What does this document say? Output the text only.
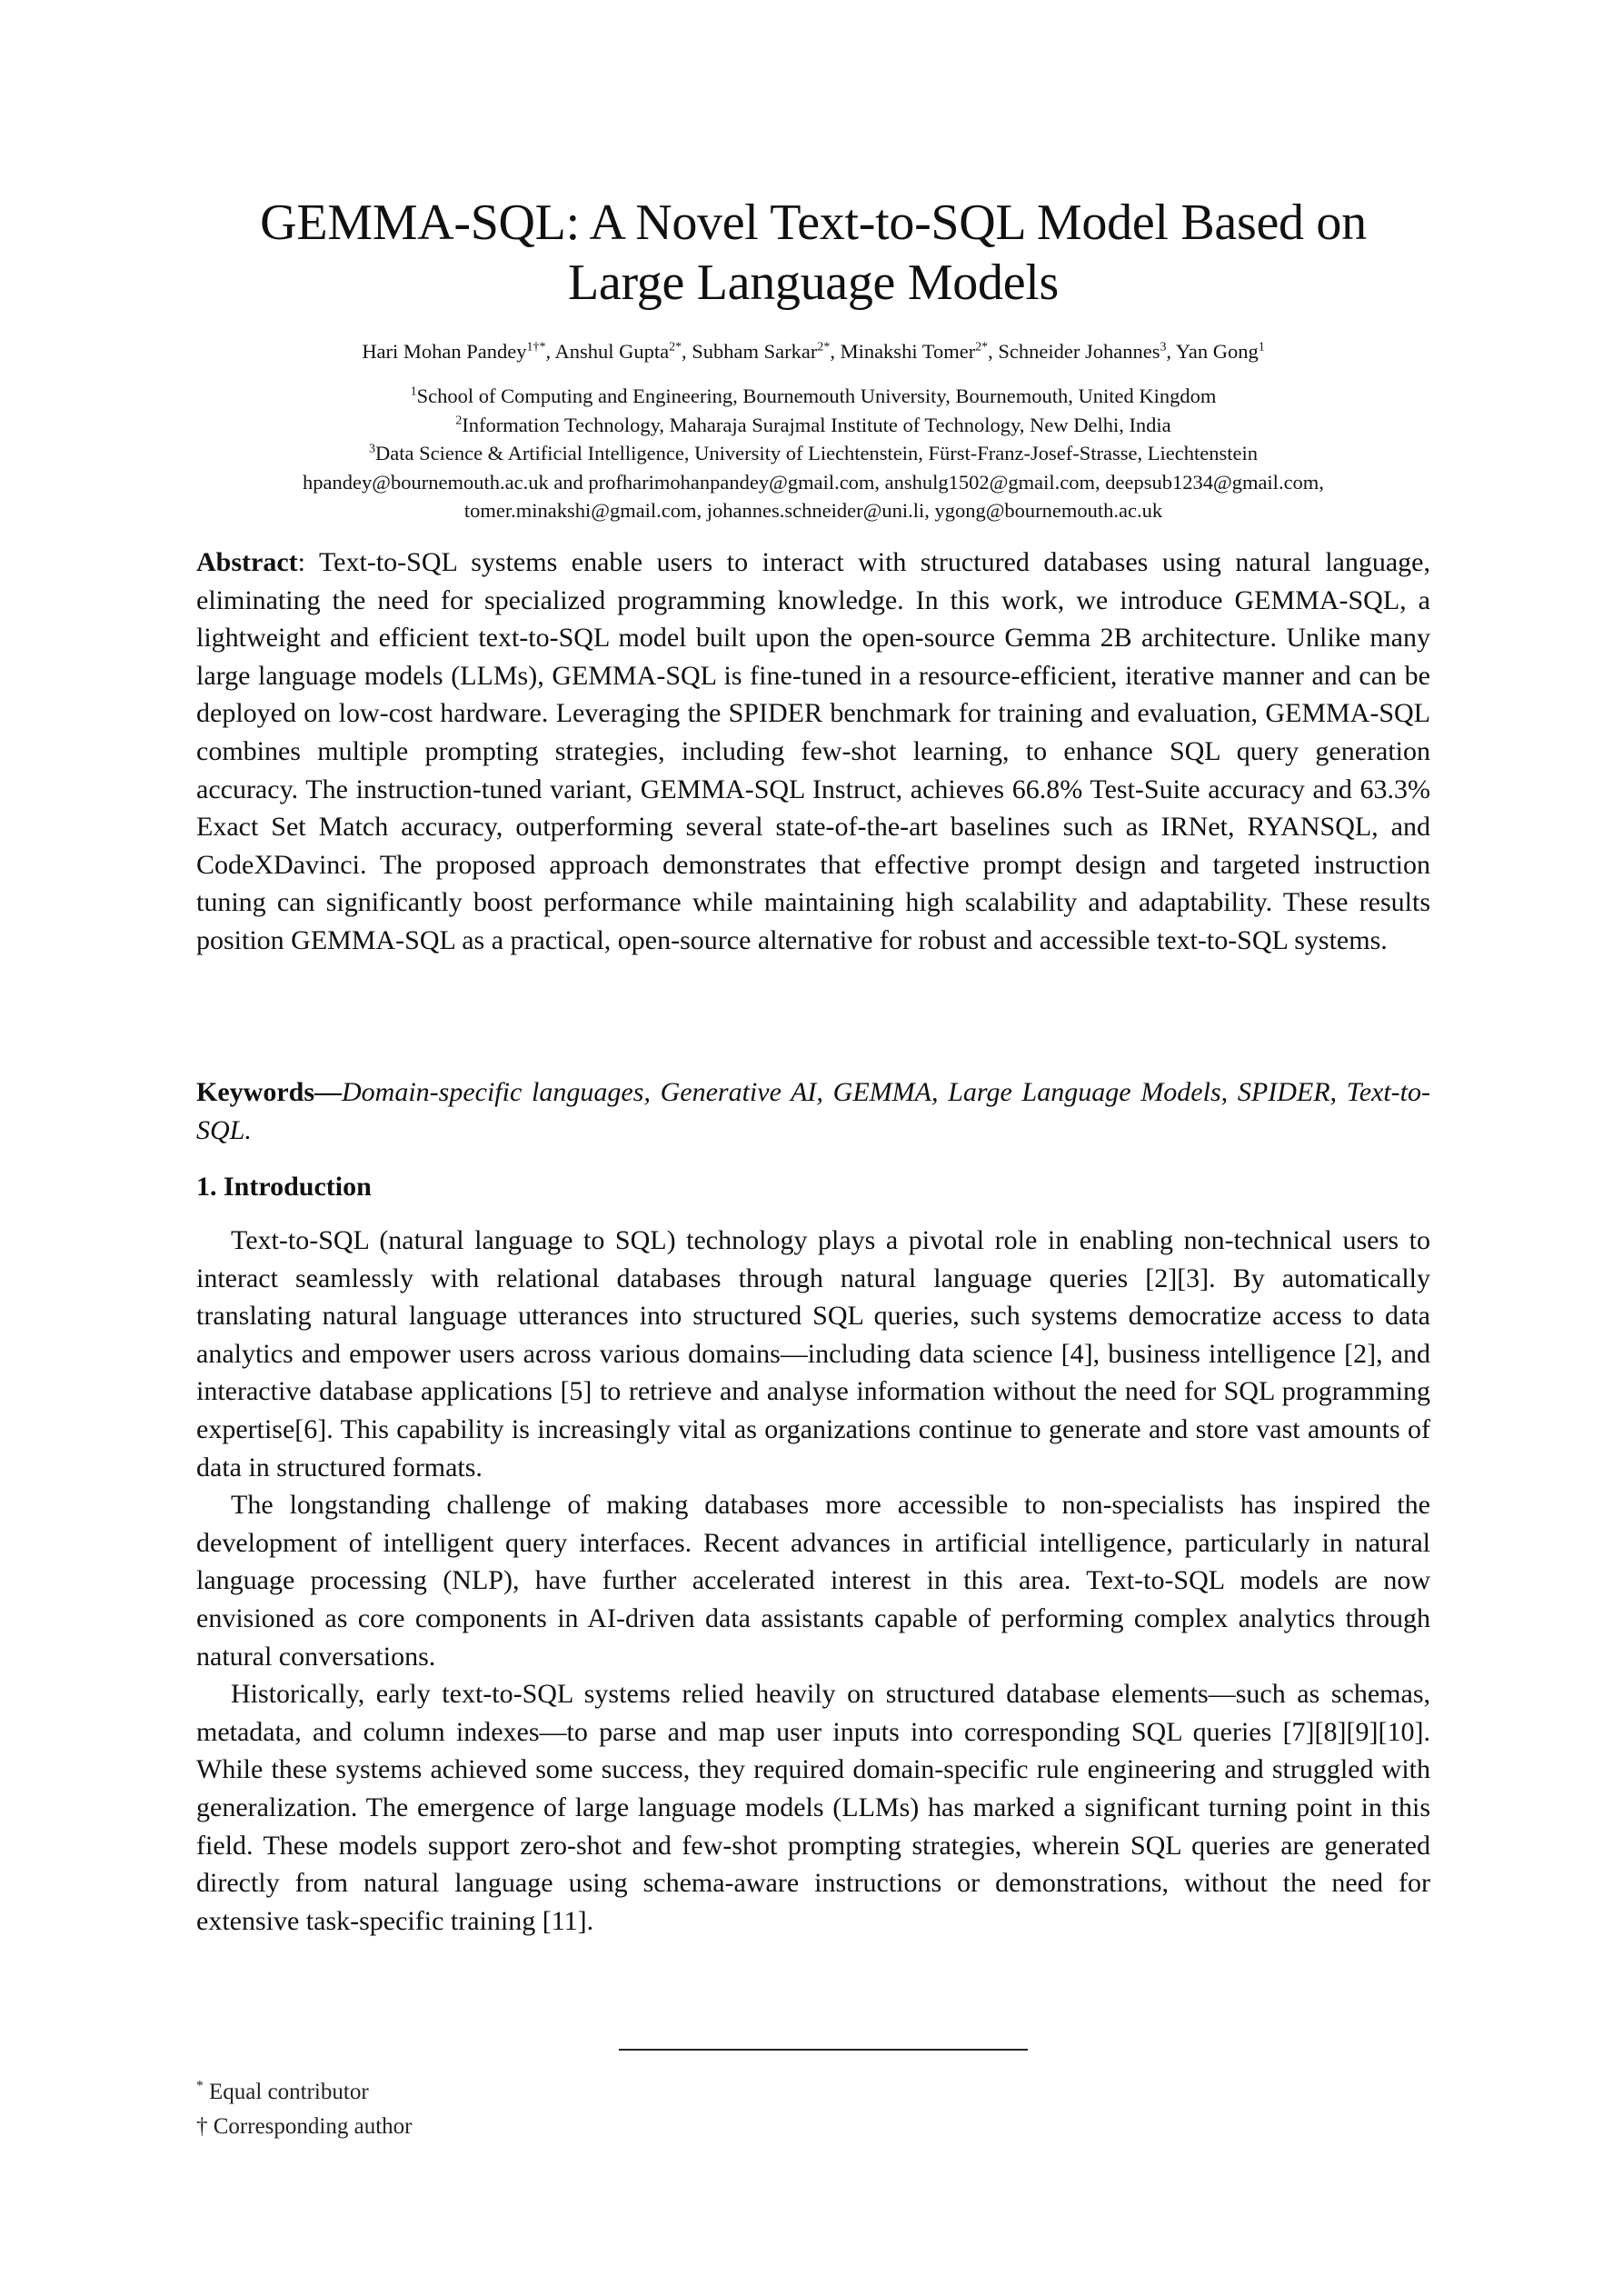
GEMMA-SQL: A Novel Text-to-SQL Model Based on Large Language Models
Hari Mohan Pandey$^{1\dagger*}$, Anshul Gupta$^{2*}$, Subham Sarkar$^{2*}$, Minakshi Tomer$^{2*}$, Schneider Johannes$^3$, Yan Gong$^1$
$^1$School of Computing and Engineering, Bournemouth University, Bournemouth, United Kingdom
$^2$Information Technology, Maharaja Surajmal Institute of Technology, New Delhi, India
$^3$Data Science & Artificial Intelligence, University of Liechtenstein, Fürst-Franz-Josef-Strasse, Liechtenstein
hpandey@bournemouth.ac.uk and profharimohanpandey@gmail.com, anshulg1502@gmail.com, deepsub1234@gmail.com,
tomer.minakshi@gmail.com, johannes.schneider@uni.li, ygong@bournemouth.ac.uk

Abstract: Text-to-SQL systems enable users to interact with structured databases using natural language, eliminating the need for specialized programming knowledge. In this work, we introduce GEMMA-SQL, a lightweight and efficient text-to-SQL model built upon the open-source Gemma 2B architecture. Unlike many large language models (LLMs), GEMMA-SQL is fine-tuned in a resource-efficient, iterative manner and can be deployed on low-cost hardware. Leveraging the SPIDER benchmark for training and evaluation, GEMMA-SQL combines multiple prompting strategies, including few-shot learning, to enhance SQL query generation accuracy. The instruction-tuned variant, GEMMA-SQL Instruct, achieves 66.8% Test-Suite accuracy and 63.3% Exact Set Match accuracy, outperforming several state-of-the-art baselines such as IRNet, RYANSQL, and CodeXDavinci. The proposed approach demonstrates that effective prompt design and targeted instruction tuning can significantly boost performance while maintaining high scalability and adaptability. These results position GEMMA-SQL as a practical, open-source alternative for robust and accessible text-to-SQL systems.

Keywords—Domain-specific languages, Generative AI, GEMMA, Large Language Models, SPIDER, Text-to-SQL.

1. Introduction

Text-to-SQL (natural language to SQL) technology plays a pivotal role in enabling non-technical users to interact seamlessly with relational databases through natural language queries [2][3]. By automatically translating natural language utterances into structured SQL queries, such systems democratize access to data analytics and empower users across various domains—including data science [4], business intelligence [2], and interactive database applications [5] to retrieve and analyse information without the need for SQL programming expertise[6]. This capability is increasingly vital as organizations continue to generate and store vast amounts of data in structured formats.

The longstanding challenge of making databases more accessible to non-specialists has inspired the development of intelligent query interfaces. Recent advances in artificial intelligence, particularly in natural language processing (NLP), have further accelerated interest in this area. Text-to-SQL models are now envisioned as core components in AI-driven data assistants capable of performing complex analytics through natural conversations.

Historically, early text-to-SQL systems relied heavily on structured database elements—such as schemas, metadata, and column indexes—to parse and map user inputs into corresponding SQL queries [7][8][9][10]. While these systems achieved some success, they required domain-specific rule engineering and struggled with generalization. The emergence of large language models (LLMs) has marked a significant turning point in this field. These models support zero-shot and few-shot prompting strategies, wherein SQL queries are generated directly from natural language using schema-aware instructions or demonstrations, without the need for extensive task-specific training [11].

* Equal contributor
† Corresponding author
